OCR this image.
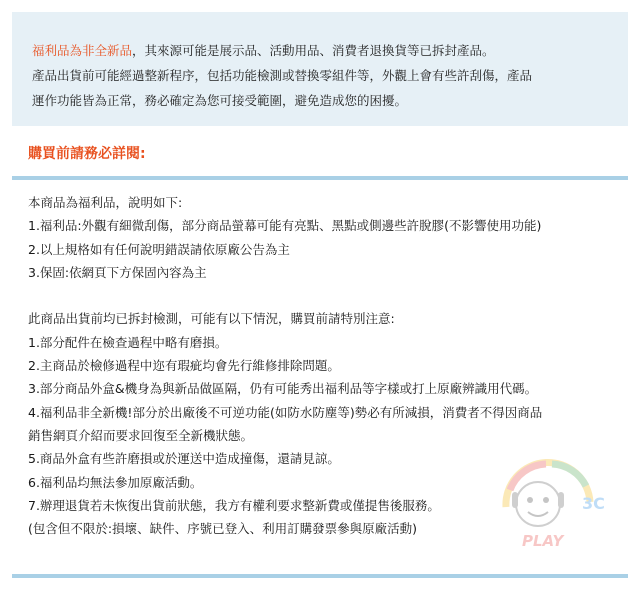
福利品為非全新品，其來源可能是展示品、活動用品、消費者退換貨等已拆封產品。

產品出貨前可能經過整新程序，包括功能檢測或替換零組件等，外觀上會有些許刮傷，產品

運作功能皆為正常，務必確定為您可接受範圍，避免造成您的困擾。

購買前請務必詳閱:

本商品為福利品，說明如下:

1.福利品:外觀有細微刮傷，部分商品螢幕可能有亮點、黑點或側邊些許脫膠(不影響使用功能)

2.以上規格如有任何說明錯誤請依原廠公告為主

3.保固:依網頁下方保固內容為主

此商品出貨前均已拆封檢測，可能有以下情況，購買前請特別注意:

1.部分配件在檢查過程中略有磨損。

2.主商品於檢修過程中迩有瑕疵均會先行維修排除問題。

3.部分商品外盒&機身為與新品做區隔，仍有可能秀出福利品等字樣或打上原廠辨識用代碼。

4.福利品非全新機!部分於出廠後不可逆功能(如防水防塵等)勢必有所減損，消費者不得因商品

銷售網頁介紹而要求回復至全新機狀態。

5.商品外盒有些許磨損或於運送中造成撞傷，還請見諒。

6.福利品均無法參加原廠活動。

7.辦理退貨若未恢復出貨前狀態，我方有權利要求整新費或僅提售後服務。

(包含但不限於:損壞、缺件、序號已登入、利用訂購發票參與原廠活動)

3C
PLAY
